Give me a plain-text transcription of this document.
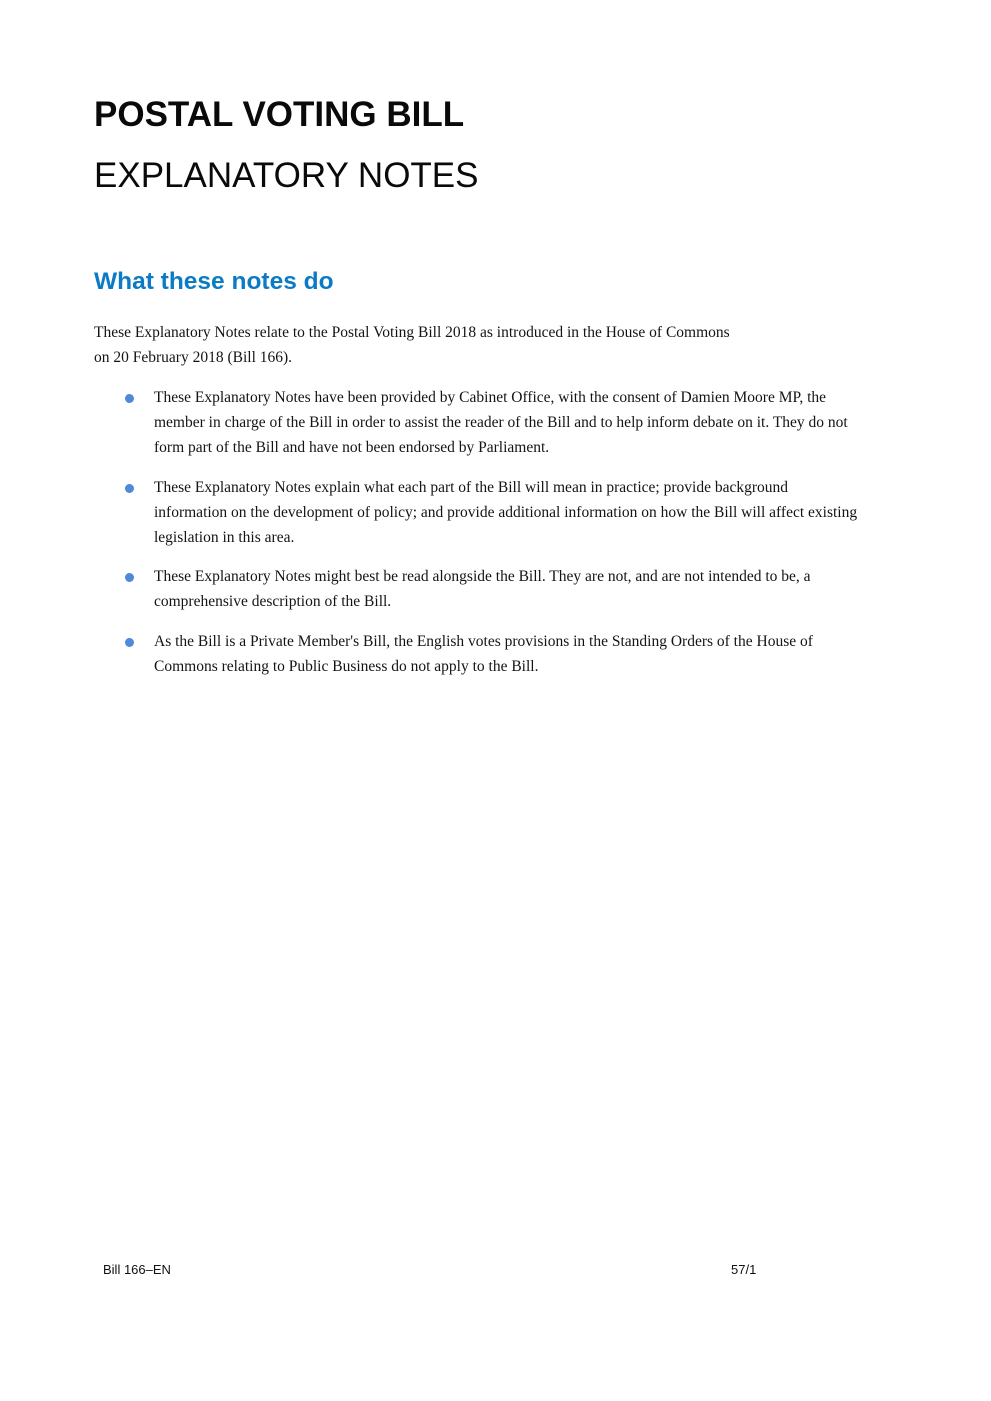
POSTAL VOTING BILL
EXPLANATORY NOTES
What these notes do

These Explanatory Notes relate to the Postal Voting Bill 2018 as introduced in the House of Commons
on 20 February 2018 (Bill 166).

These Explanatory Notes have been provided by Cabinet Office, with the consent of Damien Moore MP, the member in charge of the Bill in order to assist the reader of the Bill and to help inform debate on it. They do not form part of the Bill and have not been endorsed by Parliament.
These Explanatory Notes explain what each part of the Bill will mean in practice; provide background information on the development of policy; and provide additional information on how the Bill will affect existing legislation in this area.
These Explanatory Notes might best be read alongside the Bill. They are not, and are not intended to be, a comprehensive description of the Bill.
As the Bill is a Private Member's Bill, the English votes provisions in the Standing Orders of the House of Commons relating to Public Business do not apply to the Bill.
Bill 166–EN	57/1
